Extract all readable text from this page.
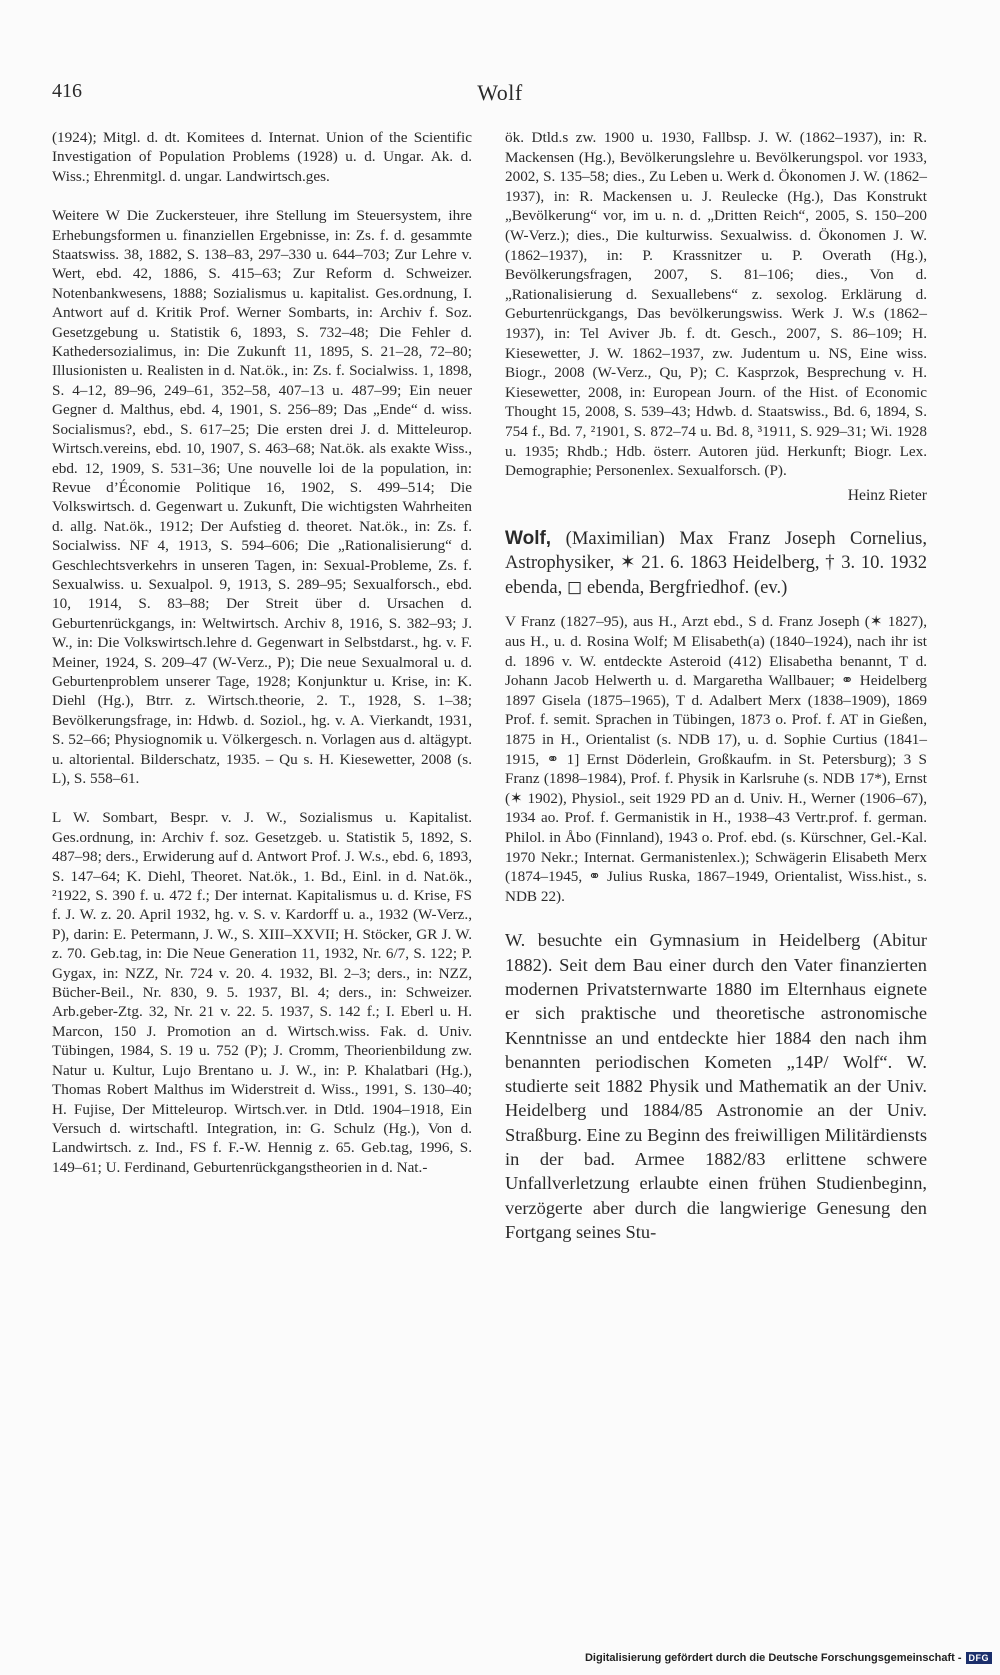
416	Wolf

(1924); Mitgl. d. dt. Komitees d. Internat. Union of the Scientific Investigation of Population Problems (1928) u. d. Ungar. Ak. d. Wiss.; Ehrenmitgl. d. ungar. Landwirtsch.ges.

Weitere W Die Zuckersteuer, ihre Stellung im Steuersystem, ihre Erhebungsformen u. finanziellen Ergebnisse, in: Zs. f. d. gesammte Staatswiss. 38, 1882, S. 138–83, 297–330 u. 644–703; Zur Lehre v. Wert, ebd. 42, 1886, S. 415–63; Zur Reform d. Schweizer. Notenbankwesens, 1888; Sozialismus u. kapitalist. Ges.ordnung, I. Antwort auf d. Kritik Prof. Werner Sombarts, in: Archiv f. Soz. Gesetzgebung u. Statistik 6, 1893, S. 732–48; Die Fehler d. Kathedersozialimus, in: Die Zukunft 11, 1895, S. 21–28, 72–80; Illusionisten u. Realisten in d. Nat.ök., in: Zs. f. Socialwiss. 1, 1898, S. 4–12, 89–96, 249–61, 352–58, 407–13 u. 487–99; Ein neuer Gegner d. Malthus, ebd. 4, 1901, S. 256–89; Das „Ende“ d. wiss. Socialismus?, ebd., S. 617–25; Die ersten drei J. d. Mitteleurop. Wirtsch.vereins, ebd. 10, 1907, S. 463–68; Nat.ök. als exakte Wiss., ebd. 12, 1909, S. 531–36; Une nouvelle loi de la population, in: Revue d’Économie Politique 16, 1902, S. 499–514; Die Volkswirtsch. d. Gegenwart u. Zukunft, Die wichtigsten Wahrheiten d. allg. Nat.ök., 1912; Der Aufstieg d. theoret. Nat.ök., in: Zs. f. Socialwiss. NF 4, 1913, S. 594–606; Die „Rationalisierung“ d. Geschlechtsverkehrs in unseren Tagen, in: Sexual-Probleme, Zs. f. Sexualwiss. u. Sexualpol. 9, 1913, S. 289–95; Sexualforsch., ebd. 10, 1914, S. 83–88; Der Streit über d. Ursachen d. Geburtenrückgangs, in: Weltwirtsch. Archiv 8, 1916, S. 382–93; J. W., in: Die Volkswirtsch.lehre d. Gegenwart in Selbstdarst., hg. v. F. Meiner, 1924, S. 209–47 (W-Verz., P); Die neue Sexualmoral u. d. Geburtenproblem unserer Tage, 1928; Konjunktur u. Krise, in: K. Diehl (Hg.), Btrr. z. Wirtsch.theorie, 2. T., 1928, S. 1–38; Bevölkerungsfrage, in: Hdwb. d. Soziol., hg. v. A. Vierkandt, 1931, S. 52–66; Physiognomik u. Völkergesch. n. Vorlagen aus d. altägypt. u. altoriental. Bilderschatz, 1935. – Qu s. H. Kiesewetter, 2008 (s. L), S. 558–61.

L W. Sombart, Bespr. v. J. W., Sozialismus u. Kapitalist. Ges.ordnung, in: Archiv f. soz. Gesetzgeb. u. Statistik 5, 1892, S. 487–98; ders., Erwiderung auf d. Antwort Prof. J. W.s., ebd. 6, 1893, S. 147–64; K. Diehl, Theoret. Nat.ök., 1. Bd., Einl. in d. Nat.ök., ²1922, S. 390 f. u. 472 f.; Der internat. Kapitalismus u. d. Krise, FS f. J. W. z. 20. April 1932, hg. v. S. v. Kardorff u. a., 1932 (W-Verz., P), darin: E. Petermann, J. W., S. XIII–XXVII; H. Stöcker, GR J. W. z. 70. Geb.tag, in: Die Neue Generation 11, 1932, Nr. 6/7, S. 122; P. Gygax, in: NZZ, Nr. 724 v. 20. 4. 1932, Bl. 2–3; ders., in: NZZ, Bücher-Beil., Nr. 830, 9. 5. 1937, Bl. 4; ders., in: Schweizer. Arb.geber-Ztg. 32, Nr. 21 v. 22. 5. 1937, S. 142 f.; I. Eberl u. H. Marcon, 150 J. Promotion an d. Wirtsch.wiss. Fak. d. Univ. Tübingen, 1984, S. 19 u. 752 (P); J. Cromm, Theorienbildung zw. Natur u. Kultur, Lujo Brentano u. J. W., in: P. Khalatbari (Hg.), Thomas Robert Malthus im Widerstreit d. Wiss., 1991, S. 130–40; H. Fujise, Der Mitteleurop. Wirtsch.ver. in Dtld. 1904–1918, Ein Versuch d. wirtschaftl. Integration, in: G. Schulz (Hg.), Von d. Landwirtsch. z. Ind., FS f. F.-W. Hennig z. 65. Geb.tag, 1996, S. 149–61; U. Ferdinand, Geburtenrückgangstheorien in d. Nat.-

ök. Dtld.s zw. 1900 u. 1930, Fallbsp. J. W. (1862–1937), in: R. Mackensen (Hg.), Bevölkerungslehre u. Bevölkerungspol. vor 1933, 2002, S. 135–58; dies., Zu Leben u. Werk d. Ökonomen J. W. (1862–1937), in: R. Mackensen u. J. Reulecke (Hg.), Das Konstrukt „Bevölkerung“ vor, im u. n. d. „Dritten Reich“, 2005, S. 150–200 (W-Verz.); dies., Die kulturwiss. Sexualwiss. d. Ökonomen J. W. (1862–1937), in: P. Krassnitzer u. P. Overath (Hg.), Bevölkerungsfragen, 2007, S. 81–106; dies., Von d. „Rationalisierung d. Sexuallebens“ z. sexolog. Erklärung d. Geburtenrückgangs, Das bevölkerungswiss. Werk J. W.s (1862–1937), in: Tel Aviver Jb. f. dt. Gesch., 2007, S. 86–109; H. Kiesewetter, J. W. 1862–1937, zw. Judentum u. NS, Eine wiss. Biogr., 2008 (W-Verz., Qu, P); C. Kasprzok, Besprechung v. H. Kiesewetter, 2008, in: European Journ. of the Hist. of Economic Thought 15, 2008, S. 539–43; Hdwb. d. Staatswiss., Bd. 6, 1894, S. 754 f., Bd. 7, ²1901, S. 872–74 u. Bd. 8, ³1911, S. 929–31; Wi. 1928 u. 1935; Rhdb.; Hdb. österr. Autoren jüd. Herkunft; Biogr. Lex. Demographie; Personenlex. Sexualforsch. (P).

Heinz Rieter

Wolf, (Maximilian) Max Franz Joseph Cornelius, Astrophysiker, ✶ 21. 6. 1863 Heidelberg, † 3. 10. 1932 ebenda, ◻ ebenda, Bergfriedhof. (ev.)

V Franz (1827–95), aus H., Arzt ebd., S d. Franz Joseph (✶ 1827), aus H., u. d. Rosina Wolf; M Elisabeth(a) (1840–1924), nach ihr ist d. 1896 v. W. entdeckte Asteroid (412) Elisabetha benannt, T d. Johann Jacob Helwerth u. d. Margaretha Wallbauer; ⚭ Heidelberg 1897 Gisela (1875–1965), T d. Adalbert Merx (1838–1909), 1869 Prof. f. semit. Sprachen in Tübingen, 1873 o. Prof. f. AT in Gießen, 1875 in H., Orientalist (s. NDB 17), u. d. Sophie Curtius (1841–1915, ⚭ 1] Ernst Döderlein, Großkaufm. in St. Petersburg); 3 S Franz (1898–1984), Prof. f. Physik in Karlsruhe (s. NDB 17*), Ernst (✶ 1902), Physiol., seit 1929 PD an d. Univ. H., Werner (1906–67), 1934 ao. Prof. f. Germanistik in H., 1938–43 Vertr.prof. f. german. Philol. in Åbo (Finnland), 1943 o. Prof. ebd. (s. Kürschner, Gel.-Kal. 1970 Nekr.; Internat. Germanistenlex.); Schwägerin Elisabeth Merx (1874–1945, ⚭ Julius Ruska, 1867–1949, Orientalist, Wiss.hist., s. NDB 22).

W. besuchte ein Gymnasium in Heidelberg (Abitur 1882). Seit dem Bau einer durch den Vater finanzierten modernen Privatsternwarte 1880 im Elternhaus eignete er sich praktische und theoretische astronomische Kenntnisse an und entdeckte hier 1884 den nach ihm benannten periodischen Kometen „14P/ Wolf“. W. studierte seit 1882 Physik und Mathematik an der Univ. Heidelberg und 1884/85 Astronomie an der Univ. Straßburg. Eine zu Beginn des freiwilligen Militärdiensts in der bad. Armee 1882/83 erlittene schwere Unfallverletzung erlaubte einen frühen Studienbeginn, verzögerte aber durch die langwierige Genesung den Fortgang seines Stu-

Digitalisierung gefördert durch die Deutsche Forschungsgemeinschaft - DFG
